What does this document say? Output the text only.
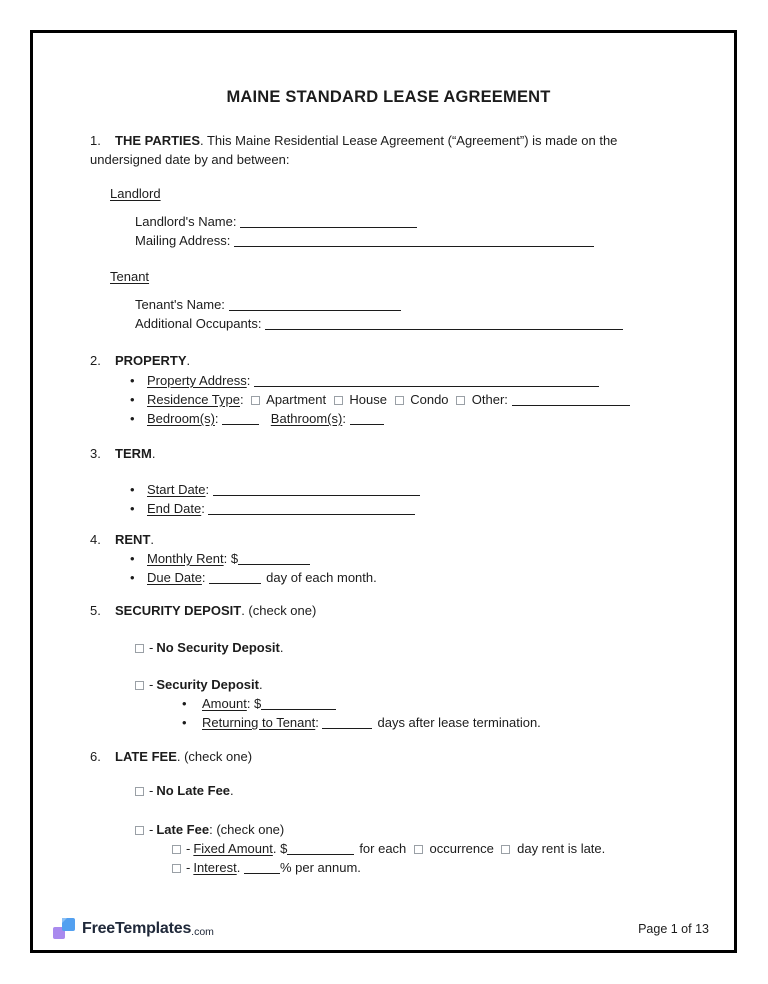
MAINE STANDARD LEASE AGREEMENT
1. THE PARTIES. This Maine Residential Lease Agreement (“Agreement”) is made on the undersigned date by and between:
Landlord
Landlord's Name:
Mailing Address:
Tenant
Tenant's Name:
Additional Occupants:
2. PROPERTY.
• Property Address:
• Residence Type: Apartment House Condo Other:
• Bedroom(s):	Bathroom(s):
3. TERM.
• Start Date:
• End Date:
4. RENT.
• Monthly Rent: $
• Due Date:	day of each month.
5. SECURITY DEPOSIT. (check one)
- No Security Deposit.
- Security Deposit.
• Amount: $
• Returning to Tenant:	days after lease termination.
6. LATE FEE. (check one)
- No Late Fee.
- Late Fee: (check one)
- Fixed Amount. $	for each occurrence day rent is late.
- Interest.	% per annum.
FreeTemplates .com	Page 1 of 13
